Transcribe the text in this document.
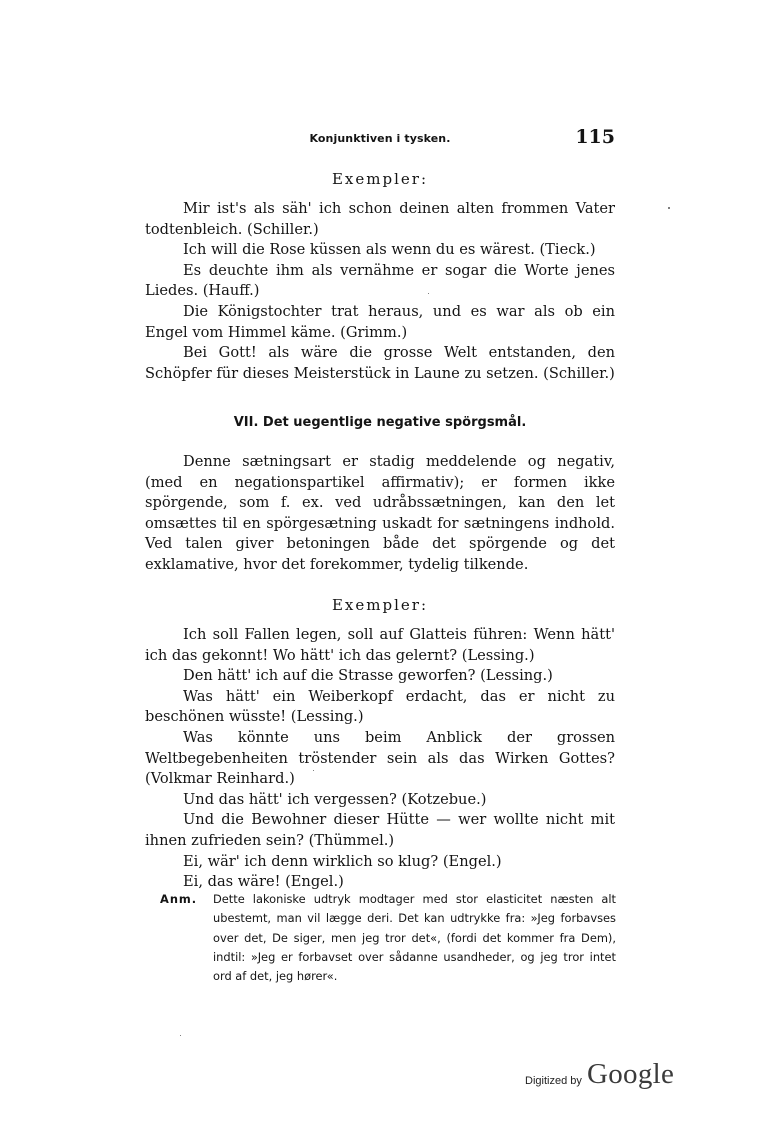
Konjunktiven i tysken.	115
Exempler:

Mir ist's als säh' ich schon deinen alten frommen Vater todtenbleich. (Schiller.)

Ich will die Rose küssen als wenn du es wärest. (Tieck.)

Es deuchte ihm als vernähme er sogar die Worte jenes Liedes. (Hauff.)

Die Königstochter trat heraus, und es war als ob ein Engel vom Himmel käme. (Grimm.)

Bei Gott! als wäre die grosse Welt entstanden, den Schöpfer für dieses Meisterstück in Laune zu setzen. (Schiller.)

VII. Det uegentlige negative spörgsmål.

Denne sætningsart er stadig meddelende og negativ, (med en negationspartikel affirmativ); er formen ikke spörgende, som f. ex. ved udråbssætningen, kan den let omsættes til en spörgesætning uskadt for sætningens indhold. Ved talen giver betoningen både det spörgende og det exklamative, hvor det forekommer, tydelig tilkende.

Exempler:

Ich soll Fallen legen, soll auf Glatteis führen: Wenn hätt' ich das gekonnt! Wo hätt' ich das gelernt? (Lessing.)

Den hätt' ich auf die Strasse geworfen? (Lessing.)

Was hätt' ein Weiberkopf erdacht, das er nicht zu beschönen wüsste! (Lessing.)

Was könnte uns beim Anblick der grossen Weltbegebenheiten tröstender sein als das Wirken Gottes? (Volkmar Reinhard.)

Und das hätt' ich vergessen? (Kotzebue.)

Und die Bewohner dieser Hütte — wer wollte nicht mit ihnen zufrieden sein? (Thümmel.)

Ei, wär' ich denn wirklich so klug? (Engel.)

Ei, das wäre! (Engel.)

Anm. Dette lakoniske udtryk modtager med stor elasticitet næsten alt ubestemt, man vil lægge deri. Det kan udtrykke fra: »Jeg forbavses over det, De siger, men jeg tror det«, (fordi det kommer fra Dem), indtil: »Jeg er forbavset over sådanne usandheder, og jeg tror intet ord af det, jeg hører«.
Digitized by Google
